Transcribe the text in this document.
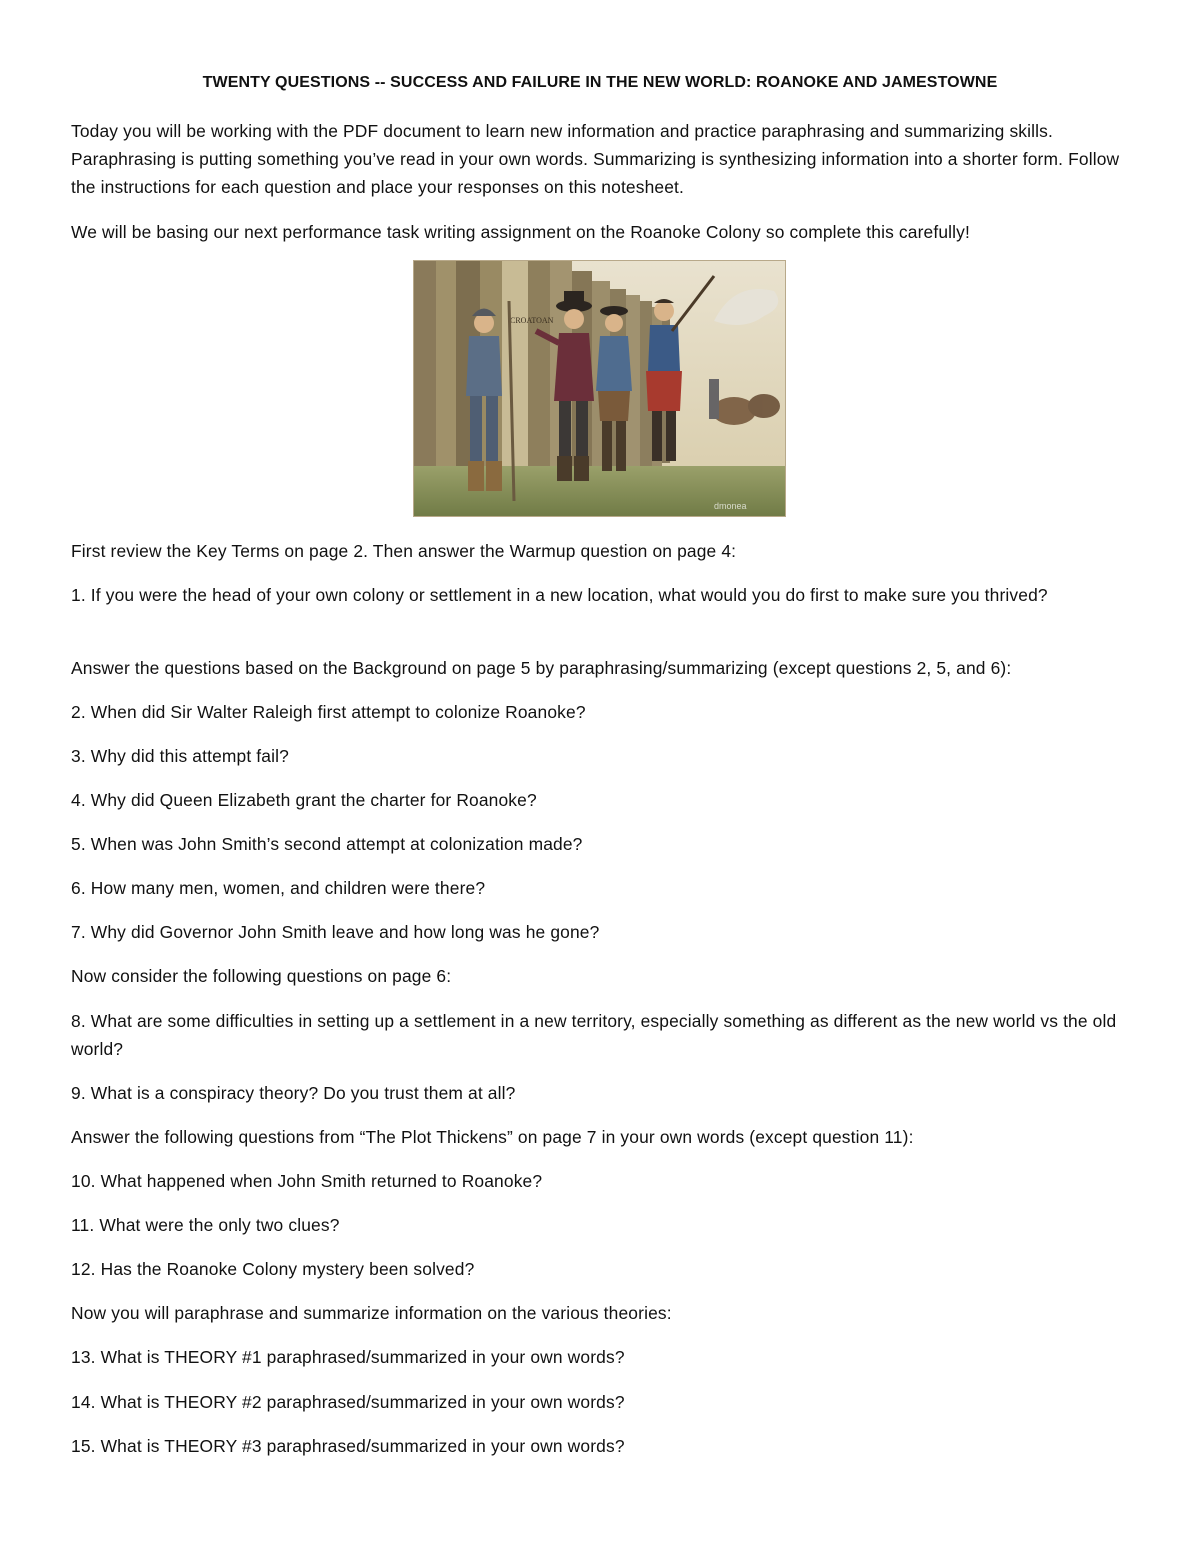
TWENTY QUESTIONS -- SUCCESS AND FAILURE IN THE NEW WORLD: ROANOKE AND JAMESTOWNE
Today you will be working with the PDF document to learn new information and practice paraphrasing and summarizing skills. Paraphrasing is putting something you’ve read in your own words. Summarizing is synthesizing information into a shorter form. Follow the instructions for each question and place your responses on this notesheet.
We will be basing our next performance task writing assignment on the Roanoke Colony so complete this carefully!
CROATOAN
dmonea
First review the Key Terms on page 2. Then answer the Warmup question on page 4:
1. If you were the head of your own colony or settlement in a new location, what would you do first to make sure you thrived?
Answer the questions based on the Background on page 5 by paraphrasing/summarizing (except questions 2, 5, and 6):
2. When did Sir Walter Raleigh first attempt to colonize Roanoke?
3. Why did this attempt fail?
4. Why did Queen Elizabeth grant the charter for Roanoke?
5. When was John Smith’s second attempt at colonization made?
6. How many men, women, and children were there?
7. Why did Governor John Smith leave and how long was he gone?
Now consider the following questions on page 6:
8. What are some difficulties in setting up a settlement in a new territory, especially something as different as the new world vs the old world?
9. What is a conspiracy theory? Do you trust them at all?
Answer the following questions from “The Plot Thickens” on page 7 in your own words (except question 11):
10. What happened when John Smith returned to Roanoke?
11. What were the only two clues?
12. Has the Roanoke Colony mystery been solved?
Now you will paraphrase and summarize information on the various theories:
13. What is THEORY #1 paraphrased/summarized in your own words?
14. What is THEORY #2 paraphrased/summarized in your own words?
15. What is THEORY #3 paraphrased/summarized in your own words?
